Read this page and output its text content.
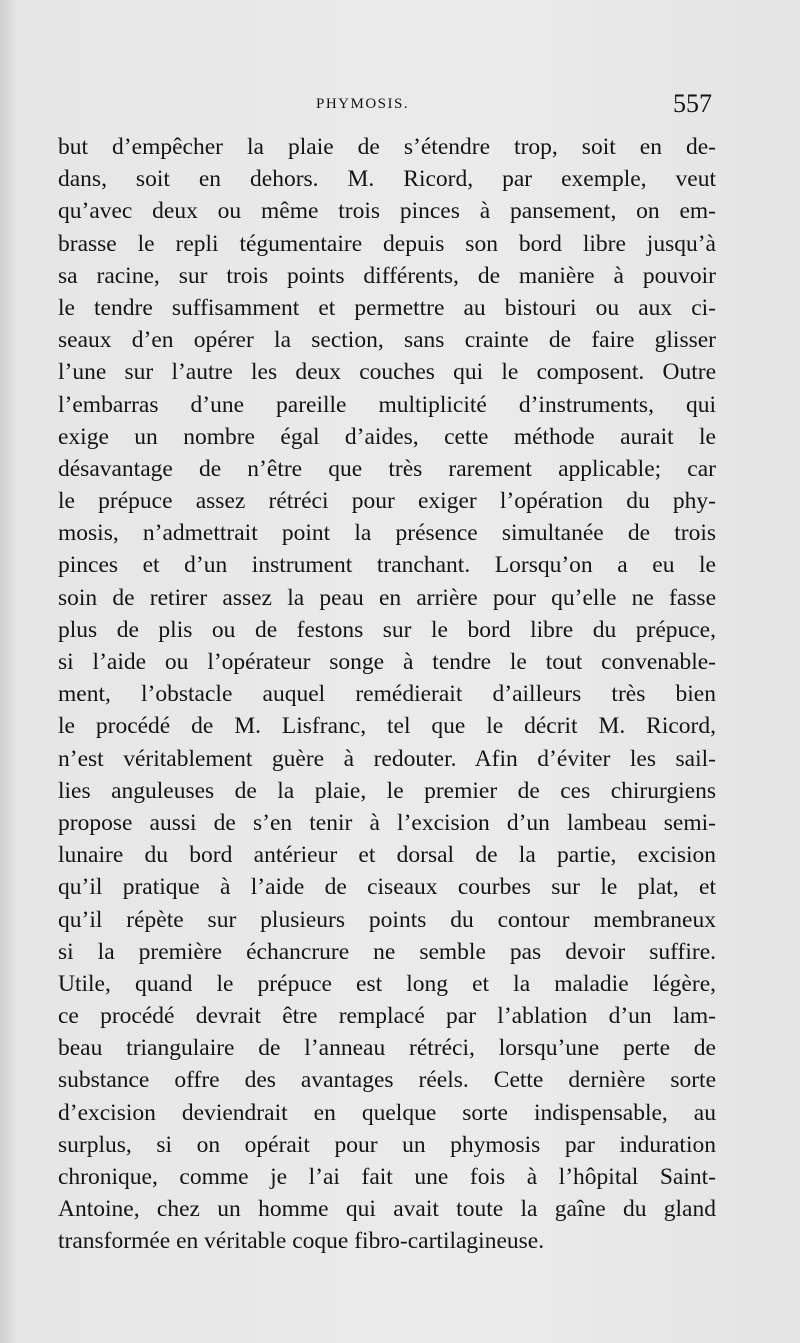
PHYMOSIS.	557
but d’empêcher la plaie de s’étendre trop, soit en de-
dans, soit en dehors. M. Ricord, par exemple, veut
qu’avec deux ou même trois pinces à pansement, on em-
brasse le repli tégumentaire depuis son bord libre jusqu’à
sa racine, sur trois points différents, de manière à pouvoir
le tendre suffisamment et permettre au bistouri ou aux ci-
seaux d’en opérer la section, sans crainte de faire glisser
l’une sur l’autre les deux couches qui le composent. Outre
l’embarras d’une pareille multiplicité d’instruments, qui
exige un nombre égal d’aides, cette méthode aurait le
désavantage de n’être que très rarement applicable; car
le prépuce assez rétréci pour exiger l’opération du phy-
mosis, n’admettrait point la présence simultanée de trois
pinces et d’un instrument tranchant. Lorsqu’on a eu le
soin de retirer assez la peau en arrière pour qu’elle ne fasse
plus de plis ou de festons sur le bord libre du prépuce,
si l’aide ou l’opérateur songe à tendre le tout convenable-
ment, l’obstacle auquel remédierait d’ailleurs très bien
le procédé de M. Lisfranc, tel que le décrit M. Ricord,
n’est véritablement guère à redouter. Afin d’éviter les sail-
lies anguleuses de la plaie, le premier de ces chirurgiens
propose aussi de s’en tenir à l’excision d’un lambeau semi-
lunaire du bord antérieur et dorsal de la partie, excision
qu’il pratique à l’aide de ciseaux courbes sur le plat, et
qu’il répète sur plusieurs points du contour membraneux
si la première échancrure ne semble pas devoir suffire.
Utile, quand le prépuce est long et la maladie légère,
ce procédé devrait être remplacé par l’ablation d’un lam-
beau triangulaire de l’anneau rétréci, lorsqu’une perte de
substance offre des avantages réels. Cette dernière sorte
d’excision deviendrait en quelque sorte indispensable, au
surplus, si on opérait pour un phymosis par induration
chronique, comme je l’ai fait une fois à l’hôpital Saint-
Antoine, chez un homme qui avait toute la gaîne du gland
transformée en véritable coque fibro-cartilagineuse.
